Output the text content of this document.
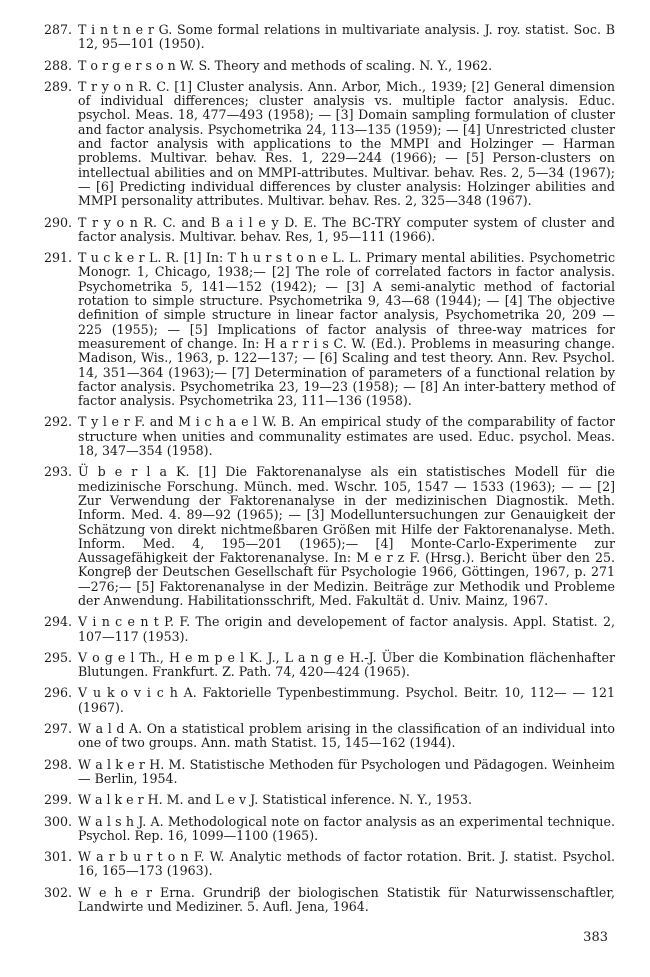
287. T i n t n e r G. Some formal relations in multivariate analysis. J. roy. statist. Soc. B 12, 95—101 (1950).
288. T o r g e r s o n W. S. Theory and methods of scaling. N. Y., 1962.
289. T r y o n R. C. [1] Cluster analysis. Ann. Arbor, Mich., 1939; [2] General dimension of individual differences; cluster analysis vs. multiple factor analysis. Educ. psychol. Meas. 18, 477—493 (1958); — [3] Domain sampling formulation of cluster and factor analysis. Psychometrika 24, 113—135 (1959); — [4] Unrestricted cluster and factor analysis with applications to the MMPI and Holzinger — Harman problems. Multivar. behav. Res. 1, 229—244 (1966); — [5] Person-clusters on intellectual abilities and on MMPI-attributes. Multivar. behav. Res. 2, 5—34 (1967); — [6] Predicting individual differences by cluster analysis: Holzinger abilities and MMPI personality attributes. Multivar. behav. Res. 2, 325—348 (1967).
290. T r y o n R. C. and B a i l e y D. E. The BC-TRY computer system of cluster and factor analysis. Multivar. behav. Res, 1, 95—111 (1966).
291. T u c k e r L. R. [1] In: T h u r s t o n e L. L. Primary mental abilities. Psychometric Monogr. 1, Chicago, 1938;— [2] The role of correlated factors in factor analysis. Psychometrika 5, 141—152 (1942); — [3] A semi-analytic method of factorial rotation to simple structure. Psychometrika 9, 43—68 (1944); — [4] The objective definition of simple structure in linear factor analysis, Psychometrika 20, 209 — 225 (1955); — [5] Implications of factor analysis of three-way matrices for measurement of change. In: H a r r i s C. W. (Ed.). Problems in measuring change. Madison, Wis., 1963, p. 122—137; — [6] Scaling and test theory. Ann. Rev. Psychol. 14, 351—364 (1963);— [7] Determination of parameters of a functional relation by factor analysis. Psychometrika 23, 19—23 (1958); — [8] An inter-battery method of factor analysis. Psychometrika 23, 111—136 (1958).
292. T y l e r F. and M i c h a e l W. B. An empirical study of the comparability of factor structure when unities and communality estimates are used. Educ. psychol. Meas. 18, 347—354 (1958).
293. Ü b e r l a K. [1] Die Faktorenanalyse als ein statistisches Modell für die medizinische Forschung. Münch. med. Wschr. 105, 1547 — 1533 (1963); — — [2] Zur Verwendung der Faktorenanalyse in der medizinischen Diagnostik. Meth. Inform. Med. 4. 89—92 (1965); — [3] Modelluntersuchungen zur Genauigkeit der Schätzung von direkt nichtmeßbaren Größen mit Hilfe der Faktorenanalyse. Meth. Inform. Med. 4, 195—201 (1965);— [4] Monte-Carlo-Experimente zur Aussagefähigkeit der Faktorenanalyse. In: M e r z F. (Hrsg.). Bericht über den 25. Kongreβ der Deutschen Gesellschaft für Psychologie 1966, Göttingen, 1967, p. 271—276;— [5] Faktorenanalyse in der Medizin. Beiträge zur Methodik und Probleme der Anwendung. Habilitationsschrift, Med. Fakultät d. Univ. Mainz, 1967.
294. V i n c e n t P. F. The origin and developement of factor analysis. Appl. Statist. 2, 107—117 (1953).
295. V o g e l Th., H e m p e l K. J., L a n g e H.-J. Über die Kombination flächenhafter Blutungen. Frankfurt. Z. Path. 74, 420—424 (1965).
296. V u k o v i c h A. Faktorielle Typenbestimmung. Psychol. Beitr. 10, 112— — 121 (1967).
297. W a l d A. On a statistical problem arising in the classification of an individual into one of two groups. Ann. math Statist. 15, 145—162 (1944).
298. W a l k e r H. M. Statistische Methoden für Psychologen und Pädagogen. Weinheim — Berlin, 1954.
299. W a l k e r H. M. and L e v J. Statistical inference. N. Y., 1953.
300. W a l s h J. A. Methodological note on factor analysis as an experimental technique. Psychol. Rep. 16, 1099—1100 (1965).
301. W a r b u r t o n F. W. Analytic methods of factor rotation. Brit. J. statist. Psychol. 16, 165—173 (1963).
302. W e h e r Erna. Grundriβ der biologischen Statistik für Naturwissenschaftler, Landwirte und Mediziner. 5. Aufl. Jena, 1964.
383
